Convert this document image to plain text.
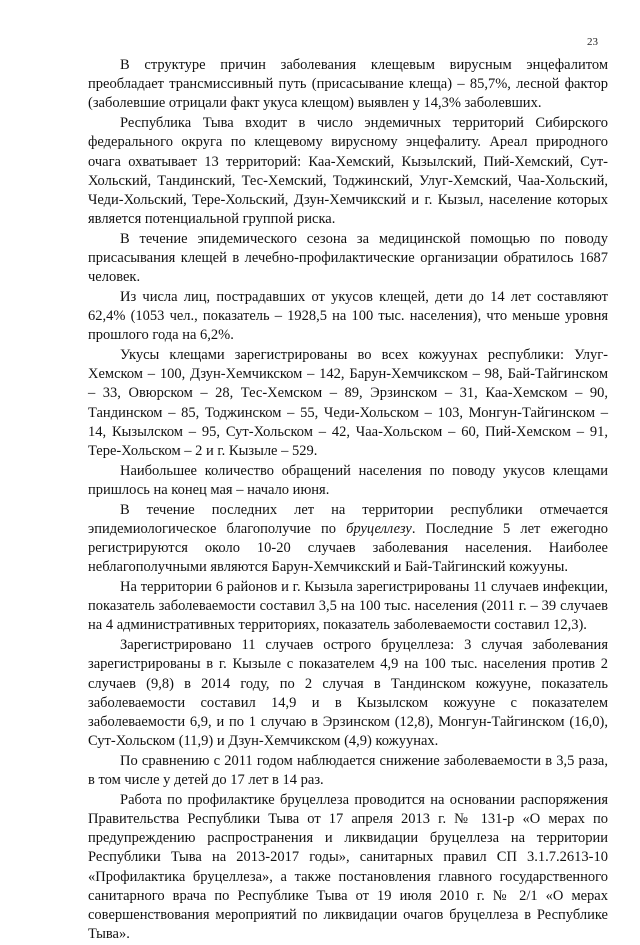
23

В структуре причин заболевания клещевым вирусным энцефалитом преобладает трансмиссивный путь (присасывание клеща) – 85,7%, лесной фактор (заболевшие отрицали факт укуса клещом) выявлен у 14,3% заболевших.

Республика Тыва входит в число эндемичных территорий Сибирского федерального округа по клещевому вирусному энцефалиту. Ареал природного очага охватывает 13 территорий: Каа-Хемский, Кызылский, Пий-Хемский, Сут-Хольский, Тандинский, Тес-Хемский, Тоджинский, Улуг-Хемский, Чаа-Хольский, Чеди-Хольский, Тере-Хольский, Дзун-Хемчикский и г. Кызыл, население которых является потенциальной группой риска.

В течение эпидемического сезона за медицинской помощью по поводу присасывания клещей в лечебно-профилактические организации обратилось 1687 человек.

Из числа лиц, пострадавших от укусов клещей, дети до 14 лет составляют 62,4% (1053 чел., показатель – 1928,5 на 100 тыс. населения), что меньше уровня прошлого года на 6,2%.

Укусы клещами зарегистрированы во всех кожуунах республики: Улуг-Хемском – 100, Дзун-Хемчикском – 142, Барун-Хемчикском – 98, Бай-Тайгинском – 33, Овюрском – 28, Тес-Хемском – 89, Эрзинском – 31, Каа-Хемском – 90, Тандинском – 85, Тоджинском – 55, Чеди-Хольском – 103, Монгун-Тайгинском – 14, Кызылском – 95, Сут-Хольском – 42, Чаа-Хольском – 60, Пий-Хемском – 91, Тере-Хольском – 2 и г. Кызыле – 529.

Наибольшее количество обращений населения по поводу укусов клещами пришлось на конец мая – начало июня.

В течение последних лет на территории республики отмечается эпидемиологическое благополучие по бруцеллезу. Последние 5 лет ежегодно регистрируются около 10-20 случаев заболевания населения. Наиболее неблагополучными являются Барун-Хемчикский и Бай-Тайгинский кожууны.

На территории 6 районов и г. Кызыла зарегистрированы 11 случаев инфекции, показатель заболеваемости составил 3,5 на 100 тыс. населения (2011 г. – 39 случаев на 4 административных территориях, показатель заболеваемости составил 12,3).

Зарегистрировано 11 случаев острого бруцеллеза: 3 случая заболевания зарегистрированы в г. Кызыле с показателем 4,9 на 100 тыс. населения против 2 случаев (9,8) в 2014 году, по 2 случая в Тандинском кожууне, показатель заболеваемости составил 14,9 и в Кызылском кожууне с показателем заболеваемости 6,9, и по 1 случаю в Эрзинском (12,8), Монгун-Тайгинском (16,0), Сут-Хольском (11,9) и Дзун-Хемчикском (4,9) кожуунах.

По сравнению с 2011 годом наблюдается снижение заболеваемости в 3,5 раза, в том числе у детей до 17 лет в 14 раз.

Работа по профилактике бруцеллеза проводится на основании распоряжения Правительства Республики Тыва от 17 апреля 2013 г. № 131-р «О мерах по предупреждению распространения и ликвидации бруцеллеза на территории Республики Тыва на 2013-2017 годы», санитарных правил СП 3.1.7.2613-10 «Профилактика бруцеллеза», а также постановления главного государственного санитарного врача по Республике Тыва от 19 июля 2010 г. № 2/1 «О мерах совершенствования мероприятий по ликвидации очагов бруцеллеза в Республике Тыва».
